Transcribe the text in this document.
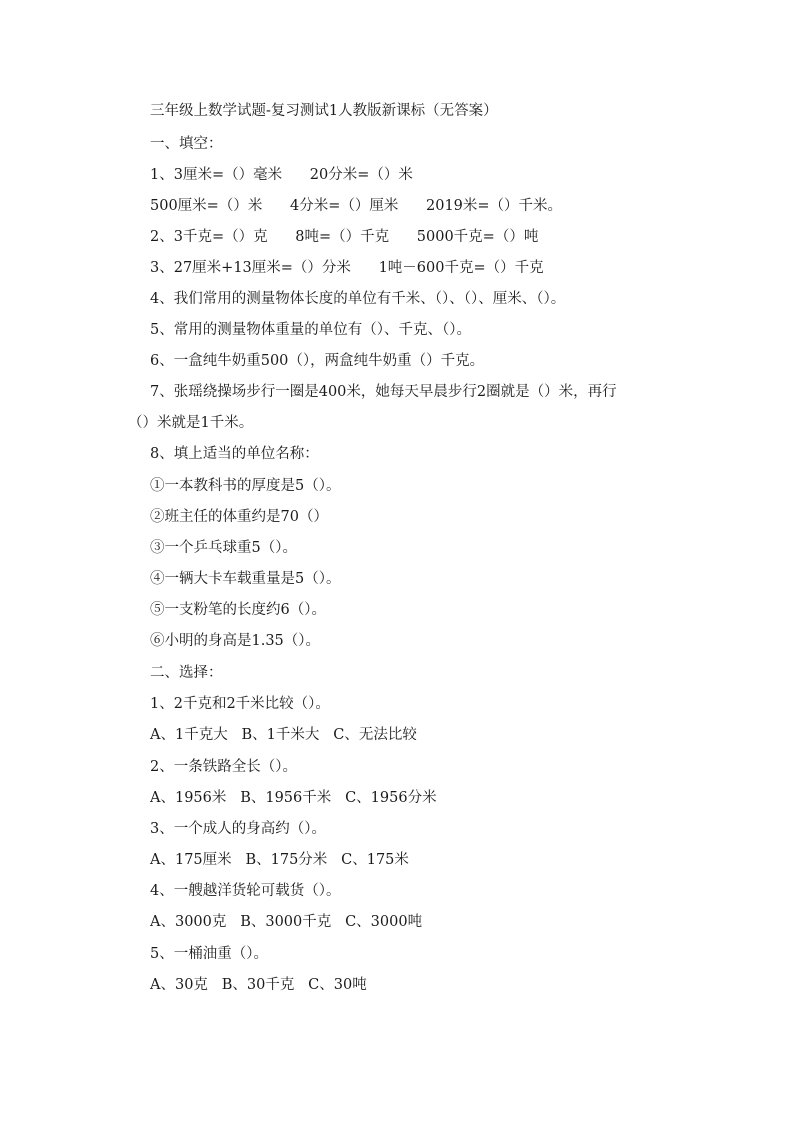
三年级上数学试题-复习测试1人教版新课标（无答案）
一、填空：
1、3厘米=（）毫米      20分米=（）米
500厘米=（）米      4分米=（）厘米      2019米=（）千米。
2、3千克=（）克      8吨=（）千克      5000千克=（）吨
3、27厘米+13厘米=（）分米      1吨－600千克=（）千克
4、我们常用的测量物体长度的单位有千米、（）、（）、厘米、（）。
5、常用的测量物体重量的单位有（）、千克、（）。
6、一盒纯牛奶重500（），两盒纯牛奶重（）千克。
7、张瑶绕操场步行一圈是400米，她每天早晨步行2圈就是（）米，再行
（）米就是1千米。
8、填上适当的单位名称：
①一本教科书的厚度是5（）。
②班主任的体重约是70（）
③一个乒乓球重5（）。
④一辆大卡车载重量是5（）。
⑤一支粉笔的长度约6（）。
⑥小明的身高是1.35（）。
二、选择：
1、2千克和2千米比较（）。
A、1千克大   B、1千米大   C、无法比较
2、一条铁路全长（）。
A、1956米   B、1956千米   C、1956分米
3、一个成人的身高约（）。
A、175厘米   B、175分米   C、175米
4、一艘越洋货轮可载货（）。
A、3000克   B、3000千克   C、3000吨
5、一桶油重（）。
A、30克   B、30千克   C、30吨
